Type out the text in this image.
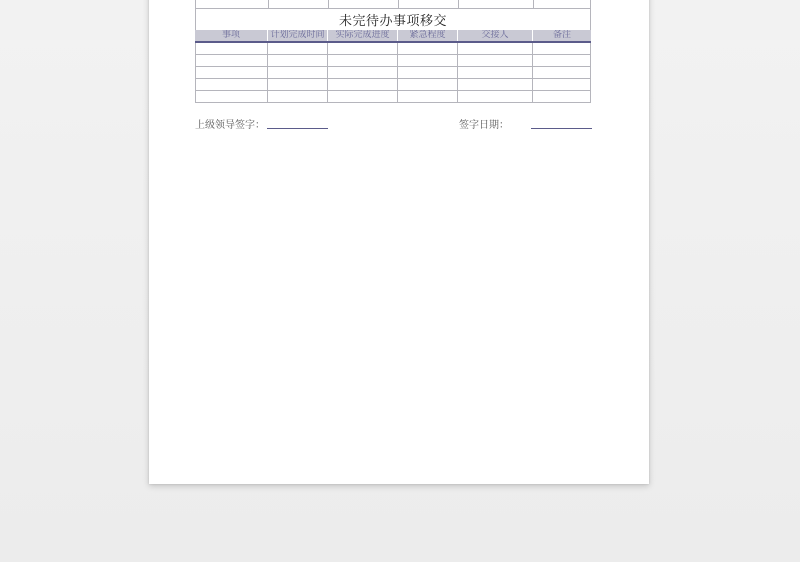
未完待办事项移交
事项	计划完成时间	实际完成进度	紧急程度	交接人	备注
上级领导签字：	签字日期：
